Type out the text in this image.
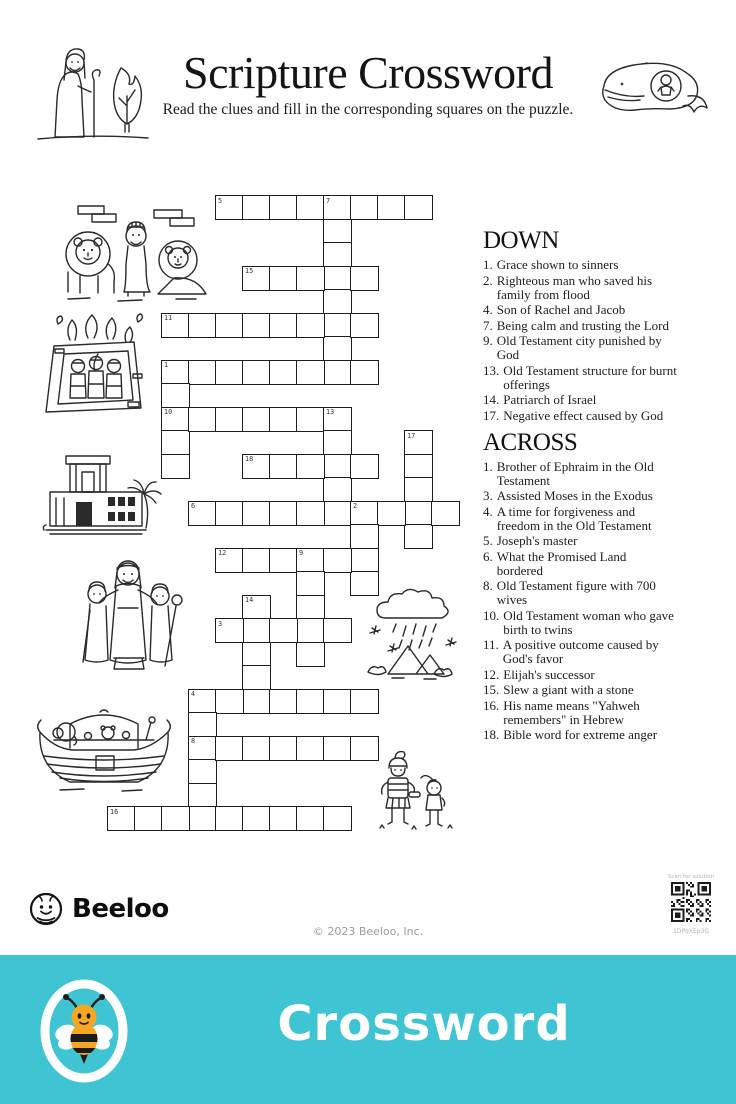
Scripture Crossword
Read the clues and fill in the corresponding squares on the puzzle.
5	7
15
11
1
10	13
17
18
6	2
12	9
14
3
4
8
16
DOWN
1. Grace shown to sinners
2. Righteous man who saved his family from flood
4. Son of Rachel and Jacob
7. Being calm and trusting the Lord
9. Old Testament city punished by God
13. Old Testament structure for burnt offerings
14. Patriarch of Israel
17. Negative effect caused by God
ACROSS
1. Brother of Ephraim in the Old Testament
3. Assisted Moses in the Exodus
4. A time for forgiveness and freedom in the Old Testament
5. Joseph's master
6. What the Promised Land bordered
8. Old Testament figure with 700 wives
10. Old Testament woman who gave birth to twins
11. A positive outcome caused by God's favor
12. Elijah's successor
15. Slew a giant with a stone
16. His name means "Yahweh remembers" in Hebrew
18. Bible word for extreme anger
Beeloo
© 2023 Beeloo, Inc.
Scan for solution
1DPqXEp3G
Crossword
